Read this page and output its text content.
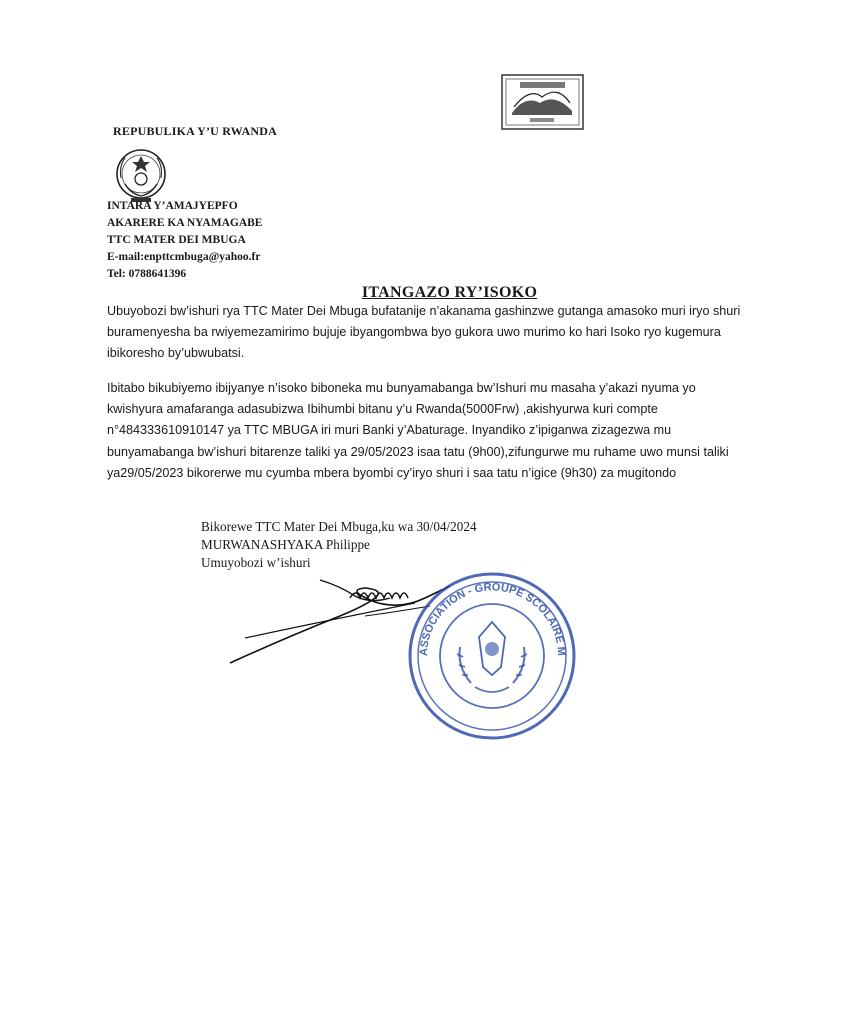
REPUBULIKA Y’U RWANDA
INTARA Y’AMAJYEPFO
AKARERE KA NYAMAGABE
TTC MATER DEI MBUGA
E-mail:enpttcmbuga@yahoo.fr
Tel: 0788641396
ITANGAZO RY’ISOKO
Ubuyobozi bw’ishuri rya TTC Mater Dei Mbuga bufatanije n’akanama gashinzwe gutanga amasoko muri iryo shuri buramenyesha ba rwiyemezamirimo bujuje ibyangombwa byo gukora uwo murimo ko hari Isoko ryo kugemura ibikoresho by’ubwubatsi.
Ibitabo bikubiyemo ibijyanye n’isoko biboneka mu bunyamabanga bw’Ishuri mu masaha y’akazi nyuma yo kwishyura amafaranga adasubizwa Ibihumbi bitanu y’u Rwanda(5000Frw) ,akishyurwa kuri compte n°484333610910147 ya TTC MBUGA iri muri Banki y’Abaturage. Inyandiko z’ipiganwa zizagezwa mu bunyamabanga bw’ishuri bitarenze taliki ya 29/05/2023 isaa tatu (9h00),zifungurwe mu ruhame uwo munsi taliki ya29/05/2023 bikorerwe mu cyumba mbera byombi cy’iryo shuri i saa tatu n’igice (9h30) za mugitondo
Bikorewe TTC Mater Dei Mbuga,ku wa 30/04/2024
MURWANASHYAKA Philippe
Umuyobozi w’ishuri
ASSOCIATION - GROUPE SCOLAIRE M
